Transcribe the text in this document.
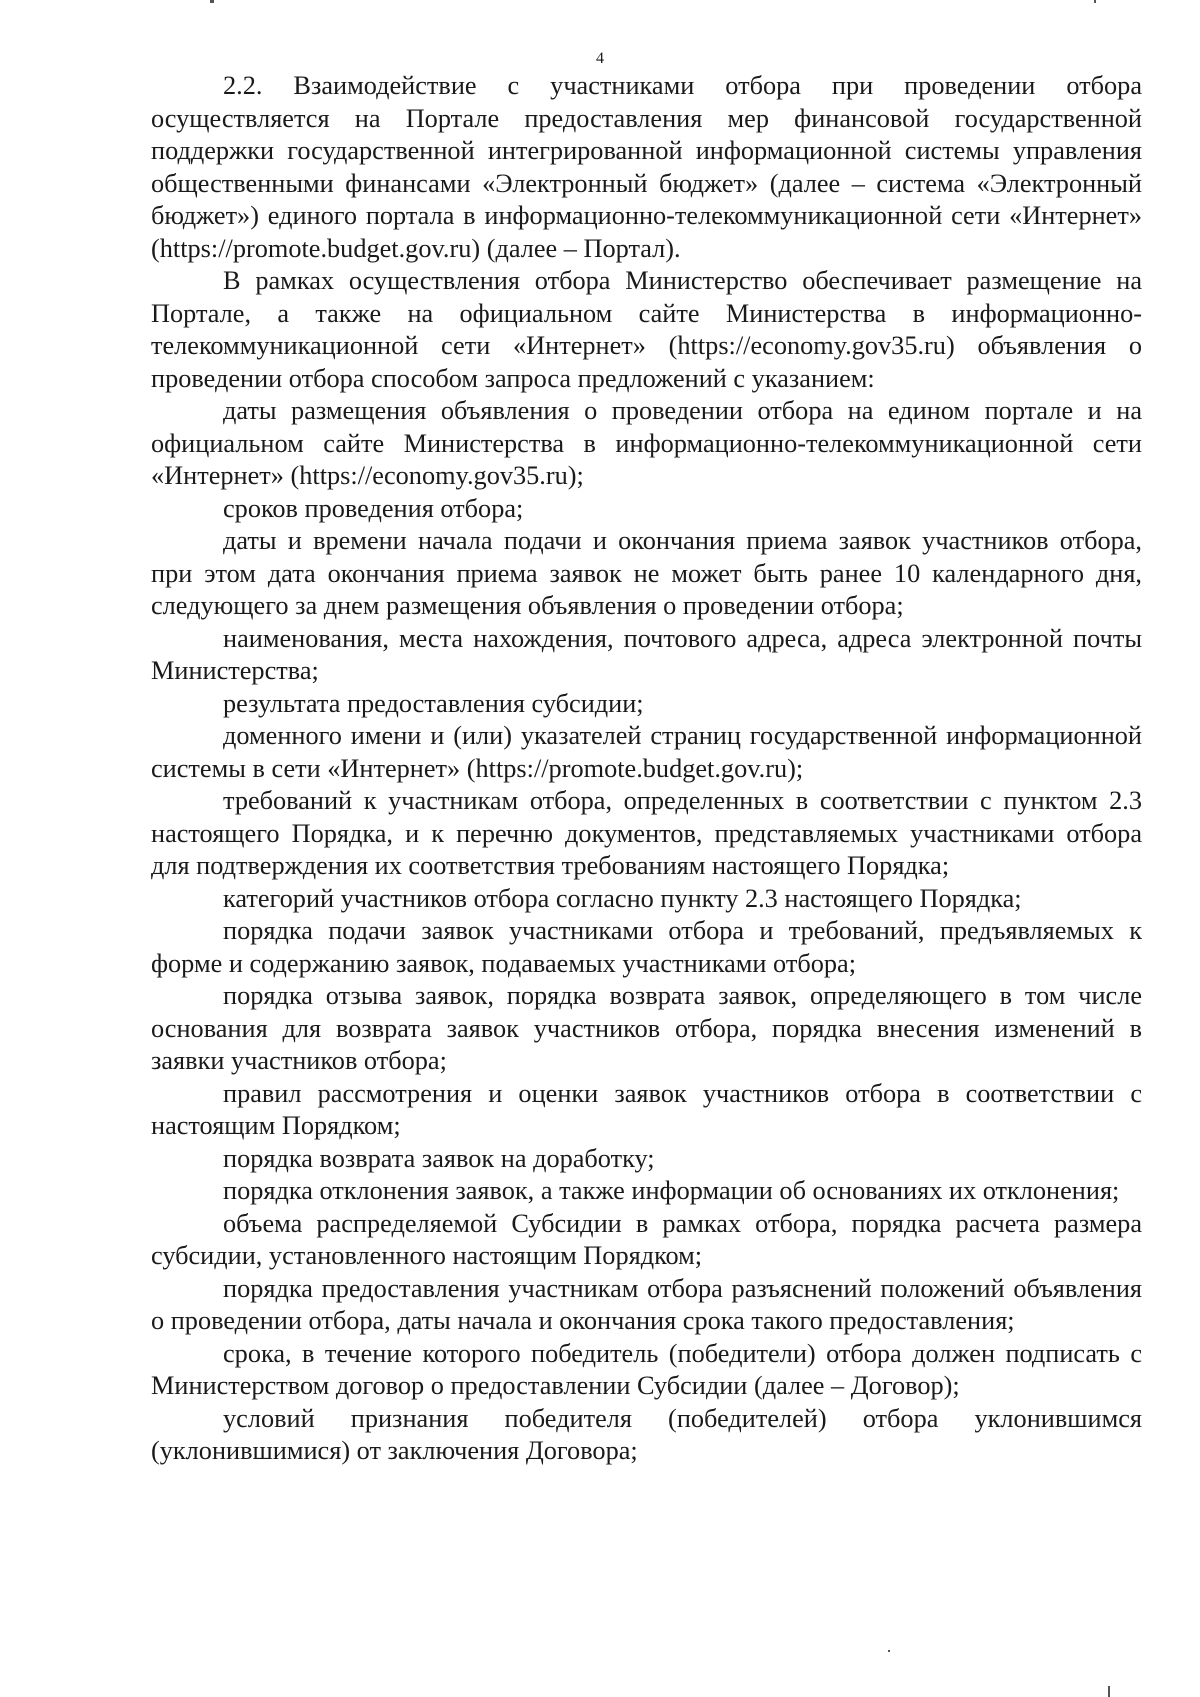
4

2.2. Взаимодействие с участниками отбора при проведении отбора осуществляется на Портале предоставления мер финансовой государственной поддержки государственной интегрированной информационной системы управления общественными финансами «Электронный бюджет» (далее – система «Электронный бюджет») единого портала в информационно-телекоммуникационной сети «Интернет» (https://promote.budget.gov.ru) (далее – Портал).

В рамках осуществления отбора Министерство обеспечивает размещение на Портале, а также на официальном сайте Министерства в информационно-телекоммуникационной сети «Интернет» (https://economy.gov35.ru) объявления о проведении отбора способом запроса предложений с указанием:

даты размещения объявления о проведении отбора на едином портале и на официальном сайте Министерства в информационно-телекоммуникационной сети «Интернет» (https://economy.gov35.ru);

сроков проведения отбора;

даты и времени начала подачи и окончания приема заявок участников отбора, при этом дата окончания приема заявок не может быть ранее 10 календарного дня, следующего за днем размещения объявления о проведении отбора;

наименования, места нахождения, почтового адреса, адреса электронной почты Министерства;

результата предоставления субсидии;

доменного имени и (или) указателей страниц государственной информационной системы в сети «Интернет» (https://promote.budget.gov.ru);

требований к участникам отбора, определенных в соответствии с пунктом 2.3 настоящего Порядка, и к перечню документов, представляемых участниками отбора для подтверждения их соответствия требованиям настоящего Порядка;

категорий участников отбора согласно пункту 2.3 настоящего Порядка;

порядка подачи заявок участниками отбора и требований, предъявляемых к форме и содержанию заявок, подаваемых участниками отбора;

порядка отзыва заявок, порядка возврата заявок, определяющего в том числе основания для возврата заявок участников отбора, порядка внесения изменений в заявки участников отбора;

правил рассмотрения и оценки заявок участников отбора в соответствии с настоящим Порядком;

порядка возврата заявок на доработку;

порядка отклонения заявок, а также информации об основаниях их отклонения;

объема распределяемой Субсидии в рамках отбора, порядка расчета размера субсидии, установленного настоящим Порядком;

порядка предоставления участникам отбора разъяснений положений объявления о проведении отбора, даты начала и окончания срока такого предоставления;

срока, в течение которого победитель (победители) отбора должен подписать с Министерством договор о предоставлении Субсидии (далее – Договор);

условий признания победителя (победителей) отбора уклонившимся (уклонившимися) от заключения Договора;
